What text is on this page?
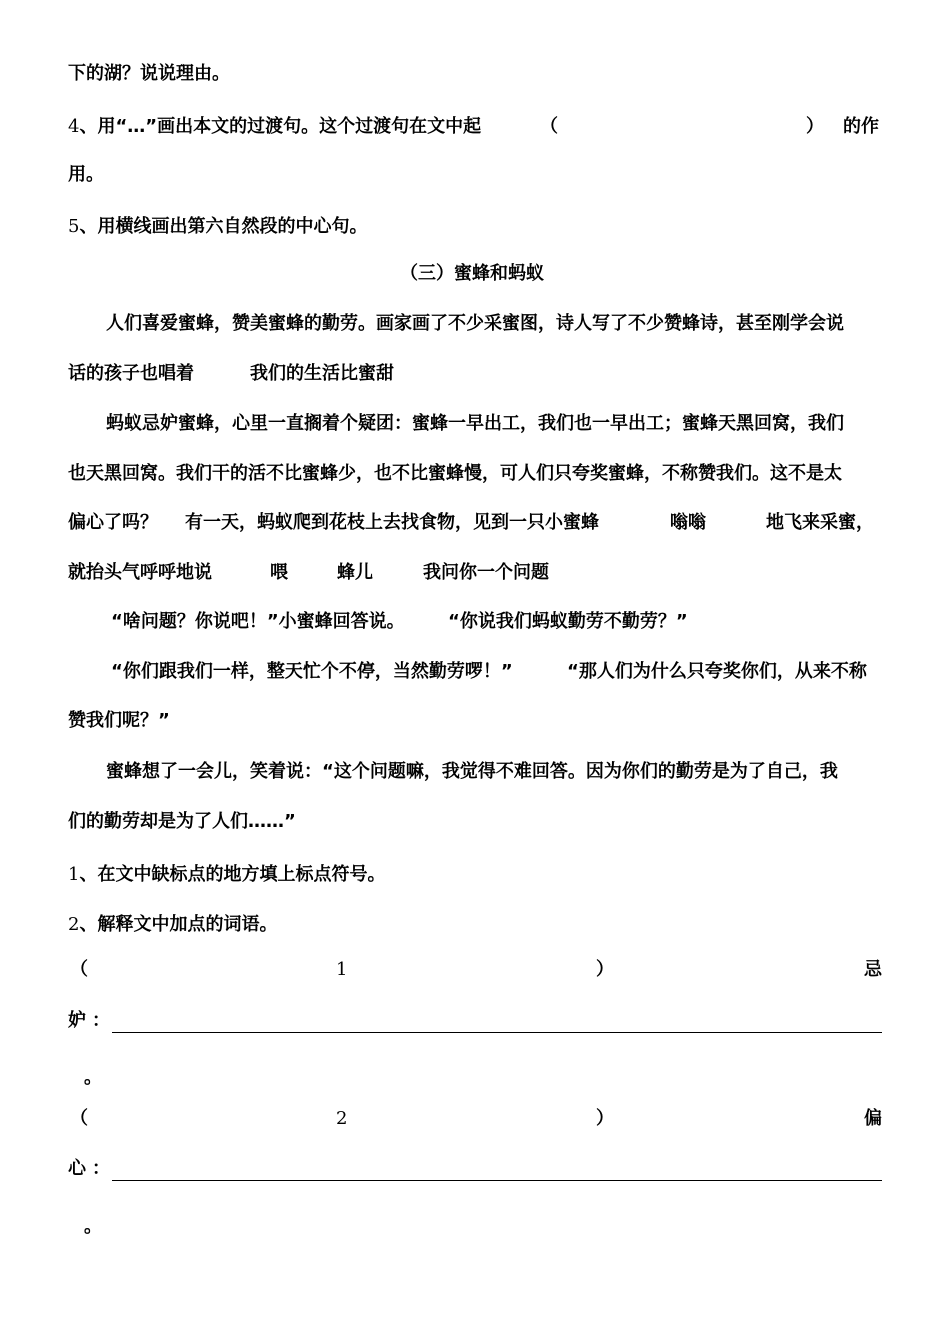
下的湖？说说理由。
4、用“…”画出本文的过渡句。这个过渡句在文中起	（	） 的作
用。
5、用横线画出第六自然段的中心句。
（三）蜜蜂和蚂蚁
人们喜爱蜜蜂，赞美蜜蜂的勤劳。画家画了不少采蜜图，诗人写了不少赞蜂诗，甚至刚学会说
话的孩子也唱着	我们的生活比蜜甜
蚂蚁忌妒蜜蜂，心里一直搁着个疑团：蜜蜂一早出工，我们也一早出工；蜜蜂天黑回窝，我们
也天黑回窝。我们干的活不比蜜蜂少，也不比蜜蜂慢，可人们只夸奖蜜蜂，不称赞我们。这不是太
偏心了吗？ 有一天，蚂蚁爬到花枝上去找食物，见到一只小蜜蜂	嗡嗡	地飞来采蜜，
就抬头气呼呼地说	喂	蜂儿	我问你一个问题
“啥问题？你说吧！”小蜜蜂回答说。 “你说我们蚂蚁勤劳不勤劳？”
“你们跟我们一样，整天忙个不停，当然勤劳啰！”	“那人们为什么只夸奖你们，从来不称
赞我们呢？”
蜜蜂想了一会儿，笑着说：“这个问题嘛，我觉得不难回答。因为你们的勤劳是为了自己，我
们的勤劳却是为了人们……”
1、在文中缺标点的地方填上标点符号。
2、解释文中加点的词语。
（	1	）	忌
妒 ：
。
（	2	）	偏
心 ：
。
